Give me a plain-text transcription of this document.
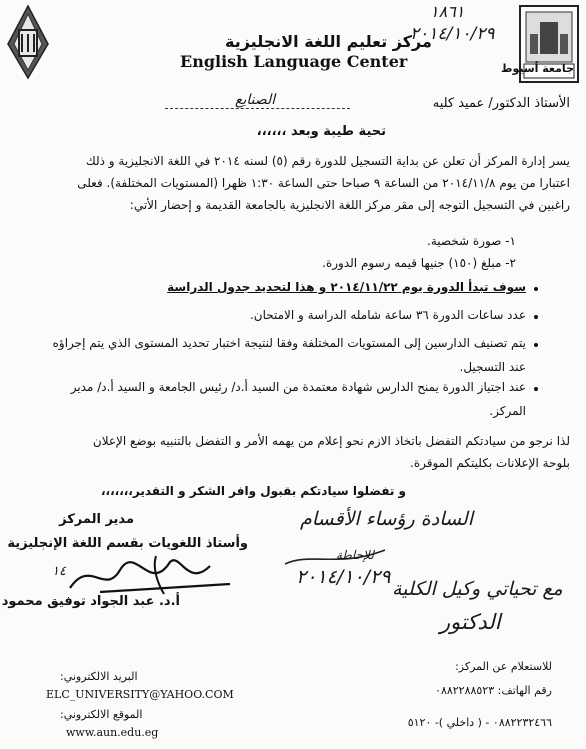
جامعة أسيوط
١٨٦١
٢٠١٤/١٠/٢٩
مركز تعليم اللغة الانجليزية
English Language Center
الأستاذ الدكتور/ عميد كليه
الصنايع
تحية طيبة وبعد ،،،،،،
يسر إدارة المركز أن تعلن عن بداية التسجيل للدورة رقم (٥) لسنه ٢٠١٤ في اللغة الانجليزية و ذلك
اعتبارا من يوم ٢٠١٤/١١/٨ من الساعة ٩ صباحا حتى الساعة ١:٣٠ ظهرا (المستويات المختلفة). فعلى
راغبين في التسجيل التوجه إلى مقر مركز اللغة الانجليزية بالجامعة القديمة و إحضار الأتي:
١- صورة شخصية.
٢- مبلغ (١٥٠) جنيها قيمه رسوم الدورة.
سوف تبدأ الدورة يوم ٢٠١٤/١١/٢٢ و هذا لتحديد جدول الدراسة
عدد ساعات الدورة ٣٦ ساعة شامله الدراسة و الامتحان.
يتم تصنيف الدارسين إلى المستويات المختلفة وفقا لنتيجة اختبار تحديد المستوى الذي يتم إجراؤه
عند التسجيل.
عند اجتياز الدورة يمنح الدارس شهادة معتمدة من السيد أ.د/ رئيس الجامعة و السيد أ.د/ مدير
المركز.
لذا نرجو من سيادتكم التفضل باتخاذ الازم نحو إعلام من يهمه الأمر و التفضل بالتنبيه بوضع الإعلان
بلوحة الإعلانات بكليتكم الموقرة.
و تفضلوا سيادتكم بقبول وافر الشكر و التقدير،،،،،،،
مدير المركز
وأستاذ اللغويات بقسم اللغة الإنجليزية
١٤
أ.د. عبد الجواد توفيق محمود
السادة رؤساء الأقسام
للإحاطة
٢٠١٤/١٠/٢٩
مع تحياتي وكيل الكلية
الدكتور
للاستعلام عن المركز:
رقم الهاتف: ٠٨٨٢٢٨٨٥٢٣
٠٨٨٢٢٣٢٤٦٦ - ( داخلي )- ٥١٢٠
البريد الالكتروني:
ELC_UNIVERSITY@YAHOO.COM
الموقع الالكتروني:
www.aun.edu.eg
